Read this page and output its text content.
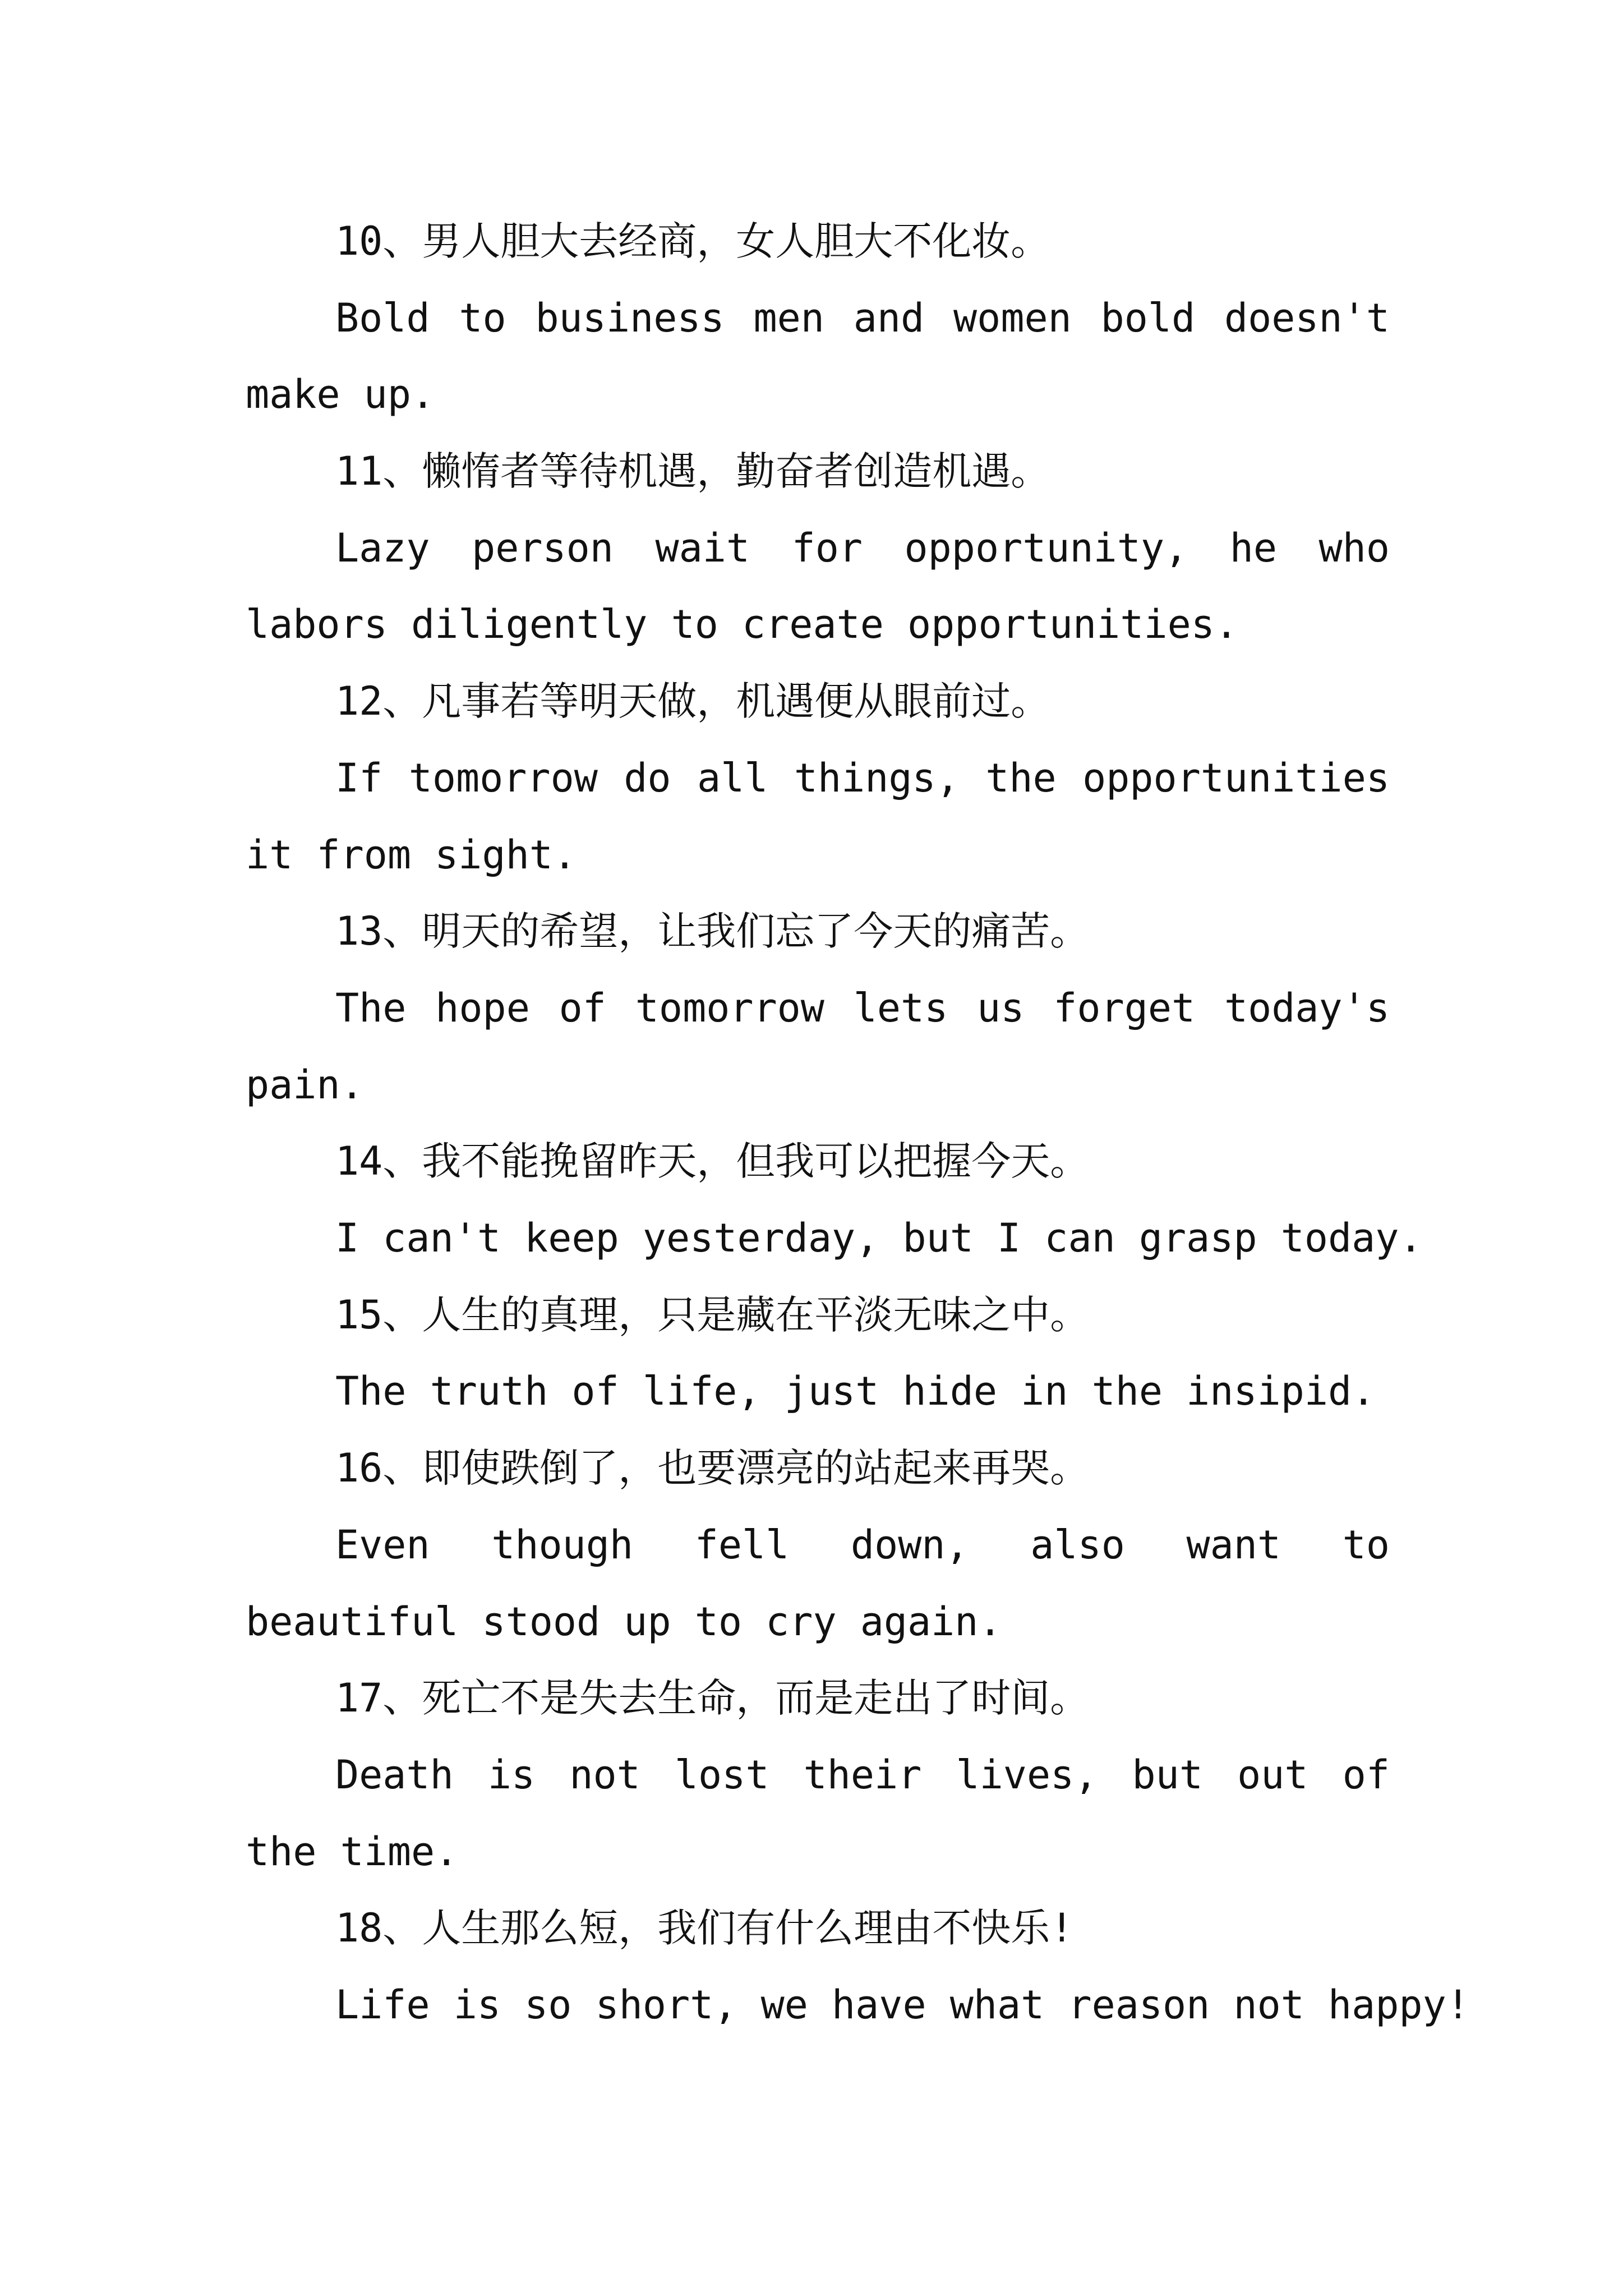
10、男人胆大去经商，女人胆大不化妆。

Bold to business men and women bold doesn't make up.

11、懒惰者等待机遇，勤奋者创造机遇。

Lazy person wait for opportunity, he who labors diligently to create opportunities.

12、凡事若等明天做，机遇便从眼前过。

If tomorrow do all things, the opportunities it from sight.

13、明天的希望，让我们忘了今天的痛苦。

The hope of tomorrow lets us forget today's pain.

14、我不能挽留昨天，但我可以把握今天。

I can't keep yesterday, but I can grasp today.

15、人生的真理，只是藏在平淡无味之中。

The truth of life, just hide in the insipid.

16、即使跌倒了，也要漂亮的站起来再哭。

Even though fell down, also want to beautiful stood up to cry again.

17、死亡不是失去生命，而是走出了时间。

Death is not lost their lives, but out of the time.

18、人生那么短，我们有什么理由不快乐!

Life is so short, we have what reason not happy!
